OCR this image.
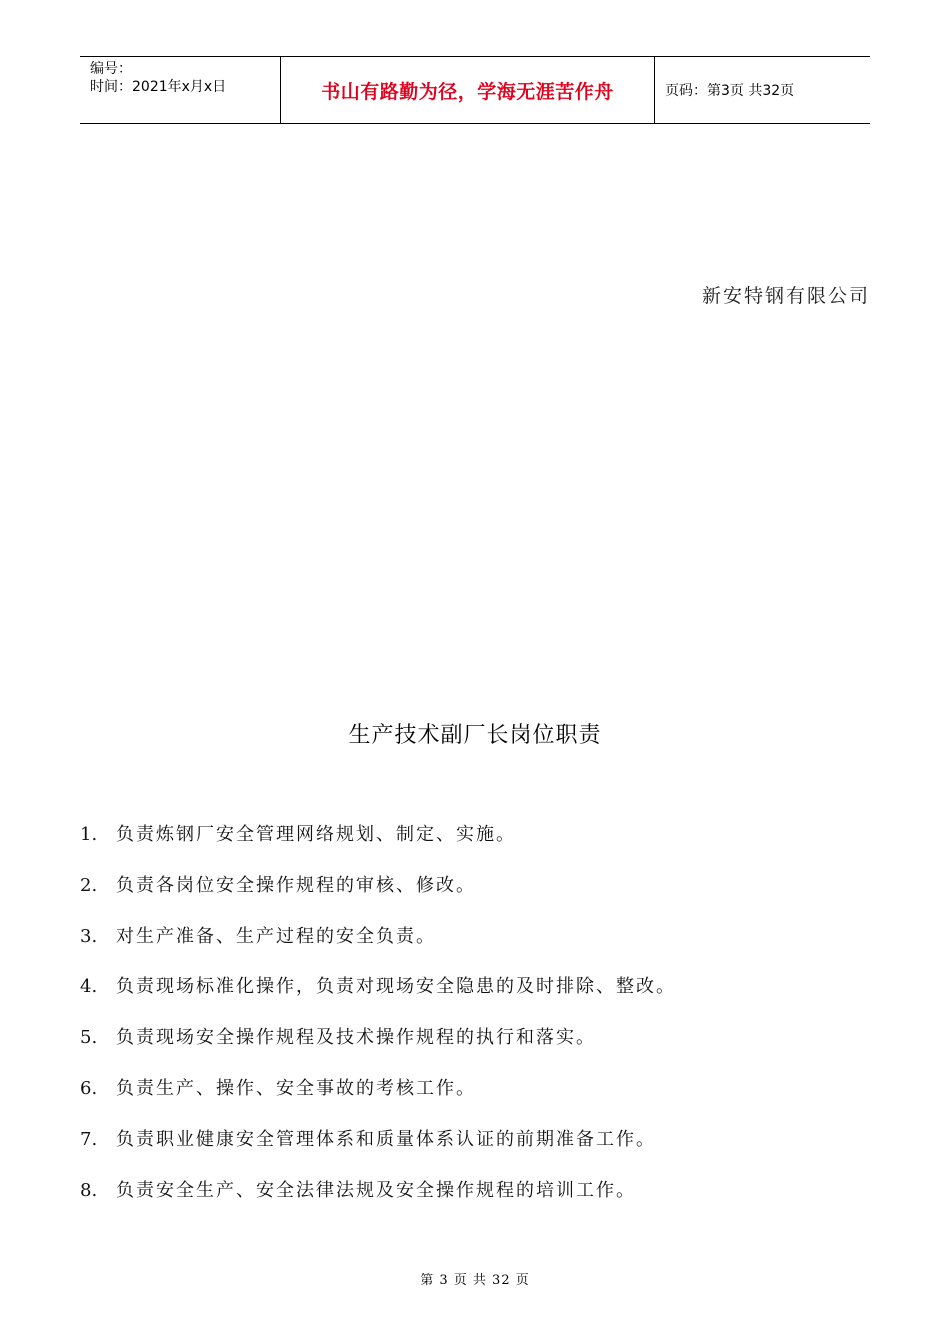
编号：
时间：2021年x月x日	书山有路勤为径，学海无涯苦作舟	页码：第3页 共32页
新安特钢有限公司
生产技术副厂长岗位职责
1. 负责炼钢厂安全管理网络规划、制定、实施。
2. 负责各岗位安全操作规程的审核、修改。
3. 对生产准备、生产过程的安全负责。
4. 负责现场标准化操作，负责对现场安全隐患的及时排除、整改。
5. 负责现场安全操作规程及技术操作规程的执行和落实。
6. 负责生产、操作、安全事故的考核工作。
7. 负责职业健康安全管理体系和质量体系认证的前期准备工作。
8. 负责安全生产、安全法律法规及安全操作规程的培训工作。
第 3 页 共 32 页
